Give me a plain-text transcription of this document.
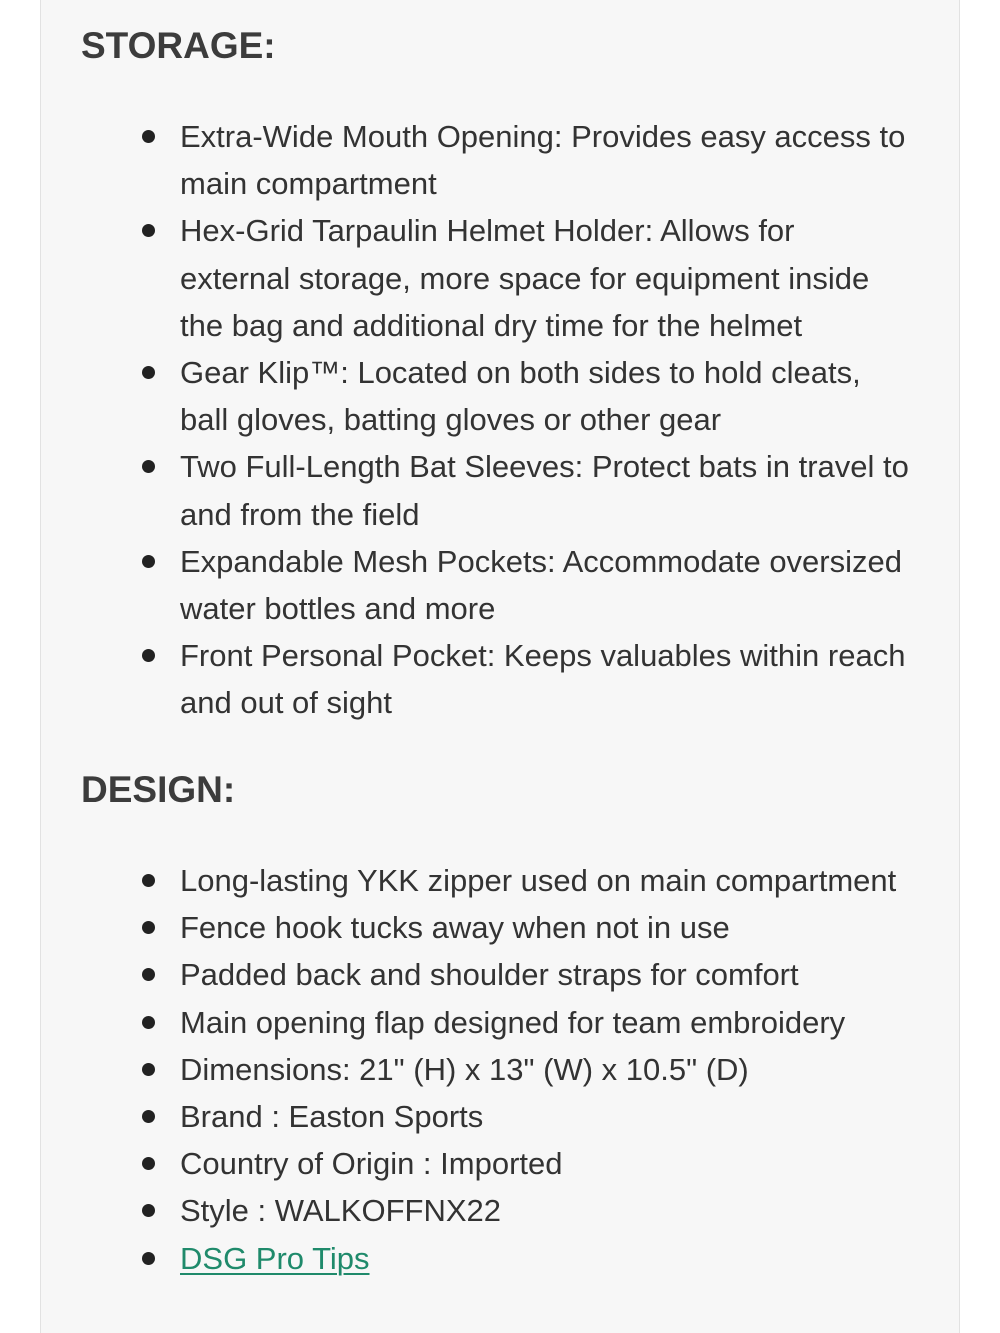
STORAGE:
Extra-Wide Mouth Opening: Provides easy access to main compartment
Hex-Grid Tarpaulin Helmet Holder: Allows for external storage, more space for equipment inside the bag and additional dry time for the helmet
Gear Klip™: Located on both sides to hold cleats, ball gloves, batting gloves or other gear
Two Full-Length Bat Sleeves: Protect bats in travel to and from the field
Expandable Mesh Pockets: Accommodate oversized water bottles and more
Front Personal Pocket: Keeps valuables within reach and out of sight
DESIGN:
Long-lasting YKK zipper used on main compartment
Fence hook tucks away when not in use
Padded back and shoulder straps for comfort
Main opening flap designed for team embroidery
Dimensions: 21" (H) x 13" (W) x 10.5" (D)
Brand : Easton Sports
Country of Origin : Imported
Style : WALKOFFNX22
DSG Pro Tips
